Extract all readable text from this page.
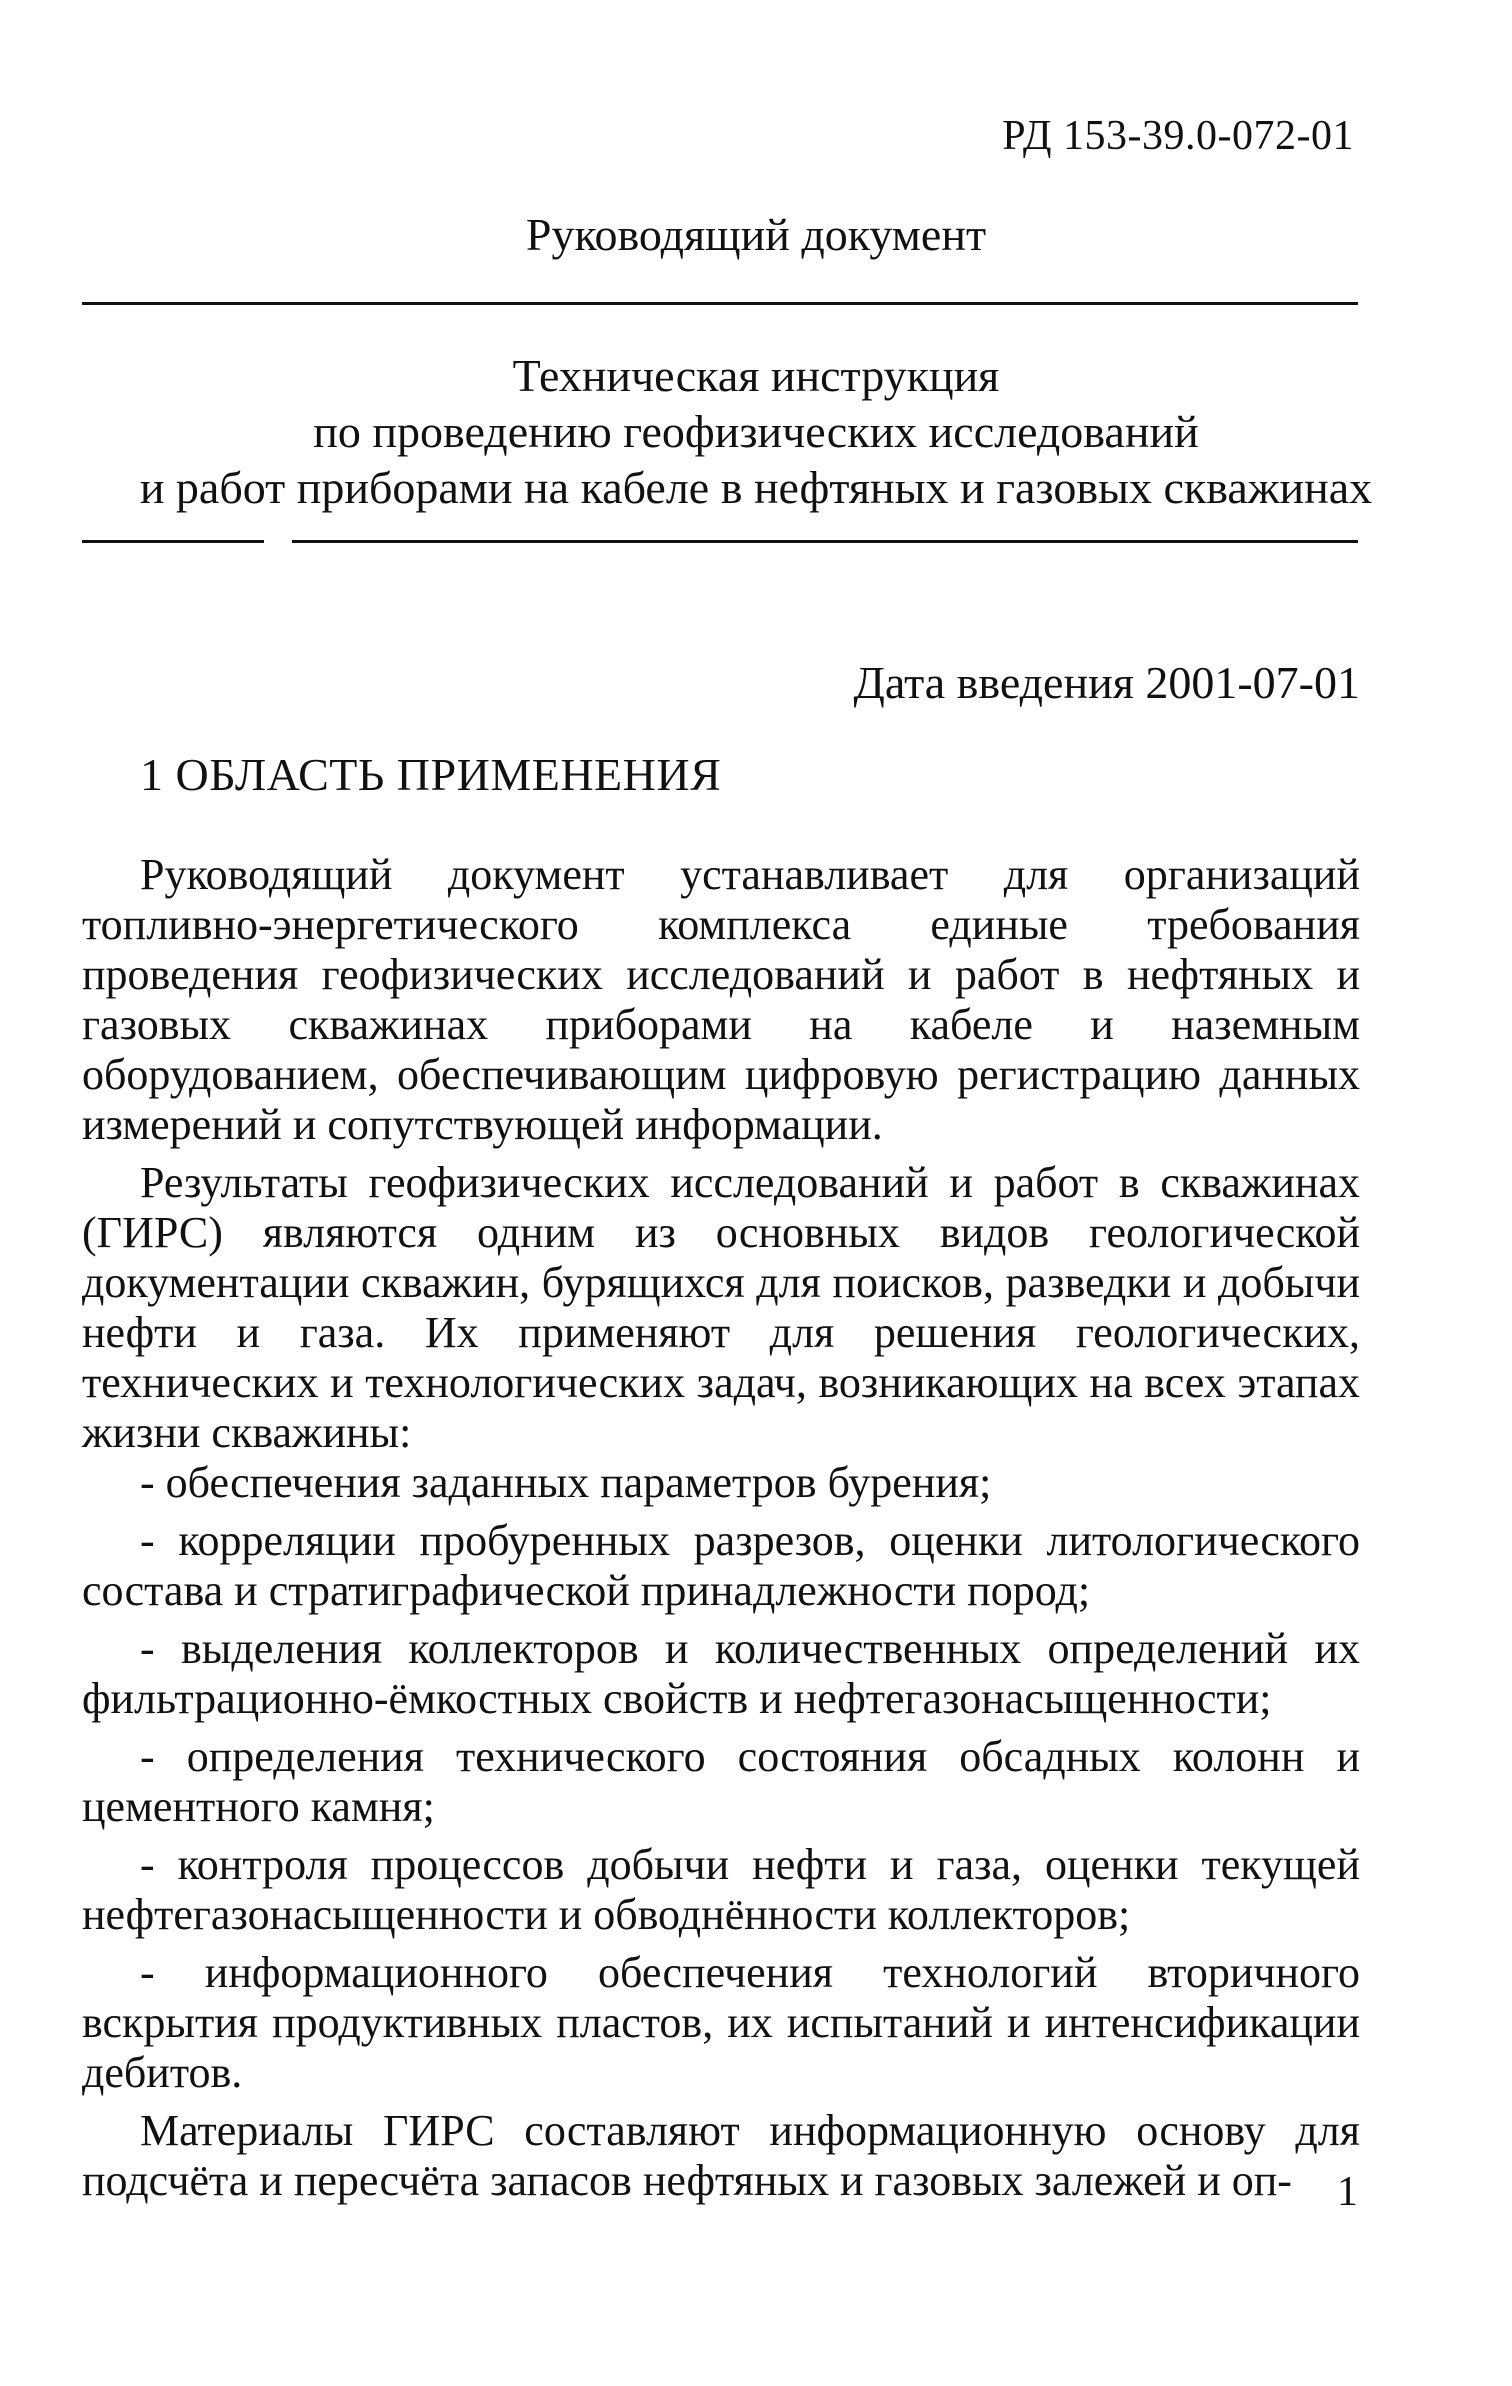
РД 153-39.0-072-01
Руководящий документ
Техническая инструкция
по проведению геофизических исследований
и работ приборами на кабеле в нефтяных и газовых скважинах
Дата введения 2001-07-01
1 ОБЛАСТЬ ПРИМЕНЕНИЯ

Руководящий документ устанавливает для организаций топливно-энергетического комплекса единые требования проведения геофизических исследований и работ в нефтяных и газовых скважинах приборами на кабеле и наземным оборудованием, обеспечивающим цифровую регистрацию данных измерений и сопутствующей информации.

Результаты геофизических исследований и работ в скважинах (ГИРС) являются одним из основных видов геологической документации скважин, бурящихся для поисков, разведки и добычи нефти и газа. Их применяют для решения геологических, технических и технологических задач, возникающих на всех этапах жизни скважины:

- обеспечения заданных параметров бурения;

- корреляции пробуренных разрезов, оценки литологического состава и стратиграфической принадлежности пород;

- выделения коллекторов и количественных определений их фильтрационно-ёмкостных свойств и нефтегазонасыщенности;

- определения технического состояния обсадных колонн и цементного камня;

- контроля процессов добычи нефти и газа, оценки текущей нефтегазонасыщенности и обводнённости коллекторов;

- информационного обеспечения технологий вторичного вскрытия продуктивных пластов, их испытаний и интенсификации дебитов.

Материалы ГИРС составляют информационную основу для подсчёта и пересчёта запасов нефтяных и газовых залежей и оп-	1
